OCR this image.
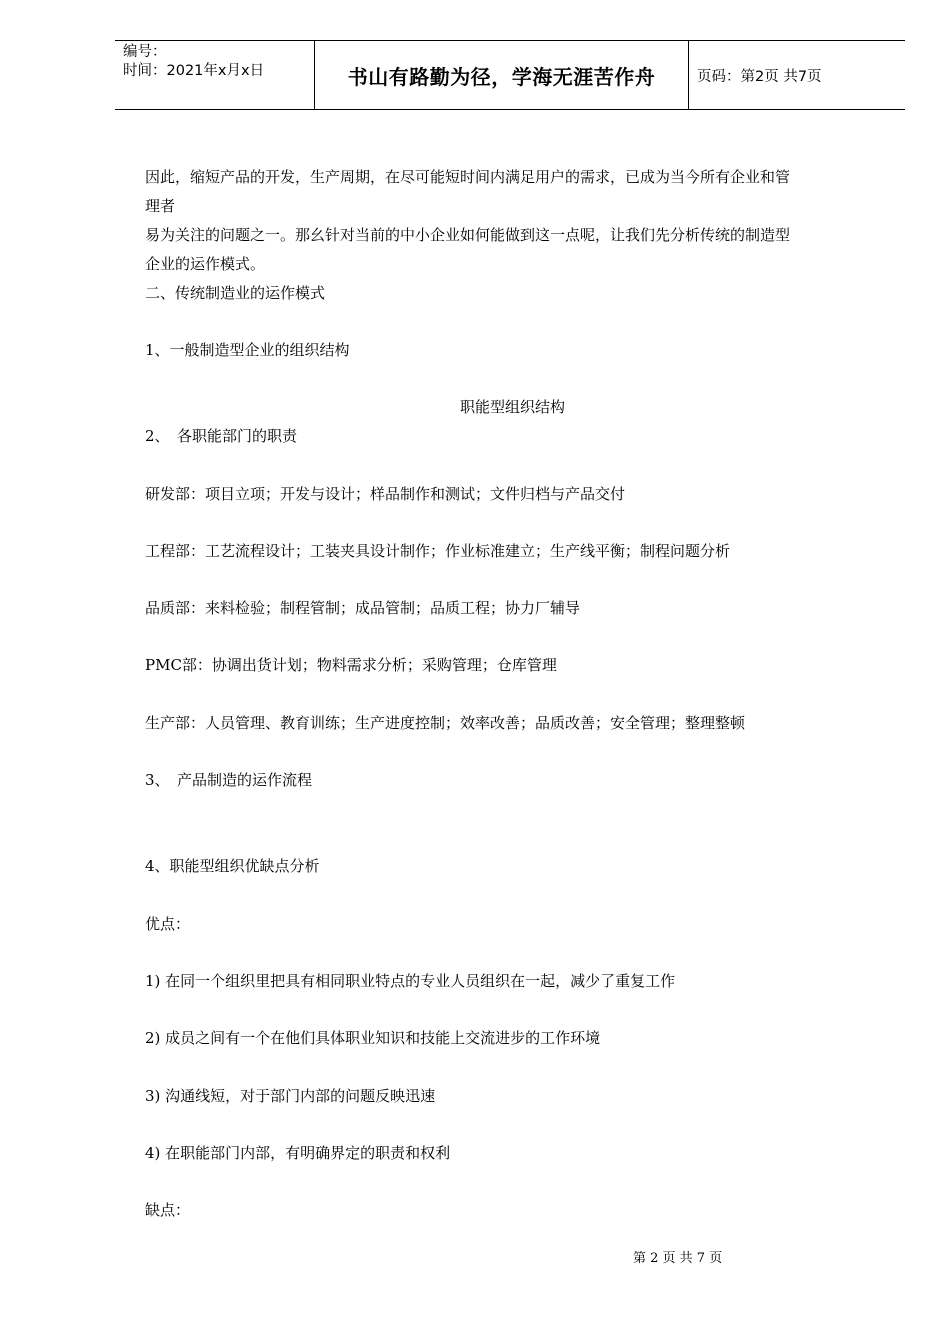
编号：
时间：2021年x月x日	书山有路勤为径，学海无涯苦作舟	页码：第2页 共7页
因此，缩短产品的开发，生产周期，在尽可能短时间内满足用户的需求，已成为当今所有企业和管
理者
易为关注的问题之一。那幺针对当前的中小企业如何能做到这一点呢，让我们先分析传统的制造型
企业的运作模式。
二、传统制造业的运作模式
1、一般制造型企业的组织结构
职能型组织结构
2、　各职能部门的职责
研发部：项目立项；开发与设计；样品制作和测试；文件归档与产品交付
工程部：工艺流程设计；工装夹具设计制作；作业标准建立；生产线平衡；制程问题分析
品质部：来料检验；制程管制；成品管制；品质工程；协力厂辅导
PMC部：协调出货计划；物料需求分析；采购管理；仓库管理
生产部：人员管理、教育训练；生产进度控制；效率改善；品质改善；安全管理；整理整顿
3、　产品制造的运作流程
4、职能型组织优缺点分析
优点：
1) 在同一个组织里把具有相同职业特点的专业人员组织在一起，减少了重复工作
2) 成员之间有一个在他们具体职业知识和技能上交流进步的工作环境
3) 沟通线短，对于部门内部的问题反映迅速
4) 在职能部门内部，有明确界定的职责和权利
缺点：
第 2 页 共 7 页
